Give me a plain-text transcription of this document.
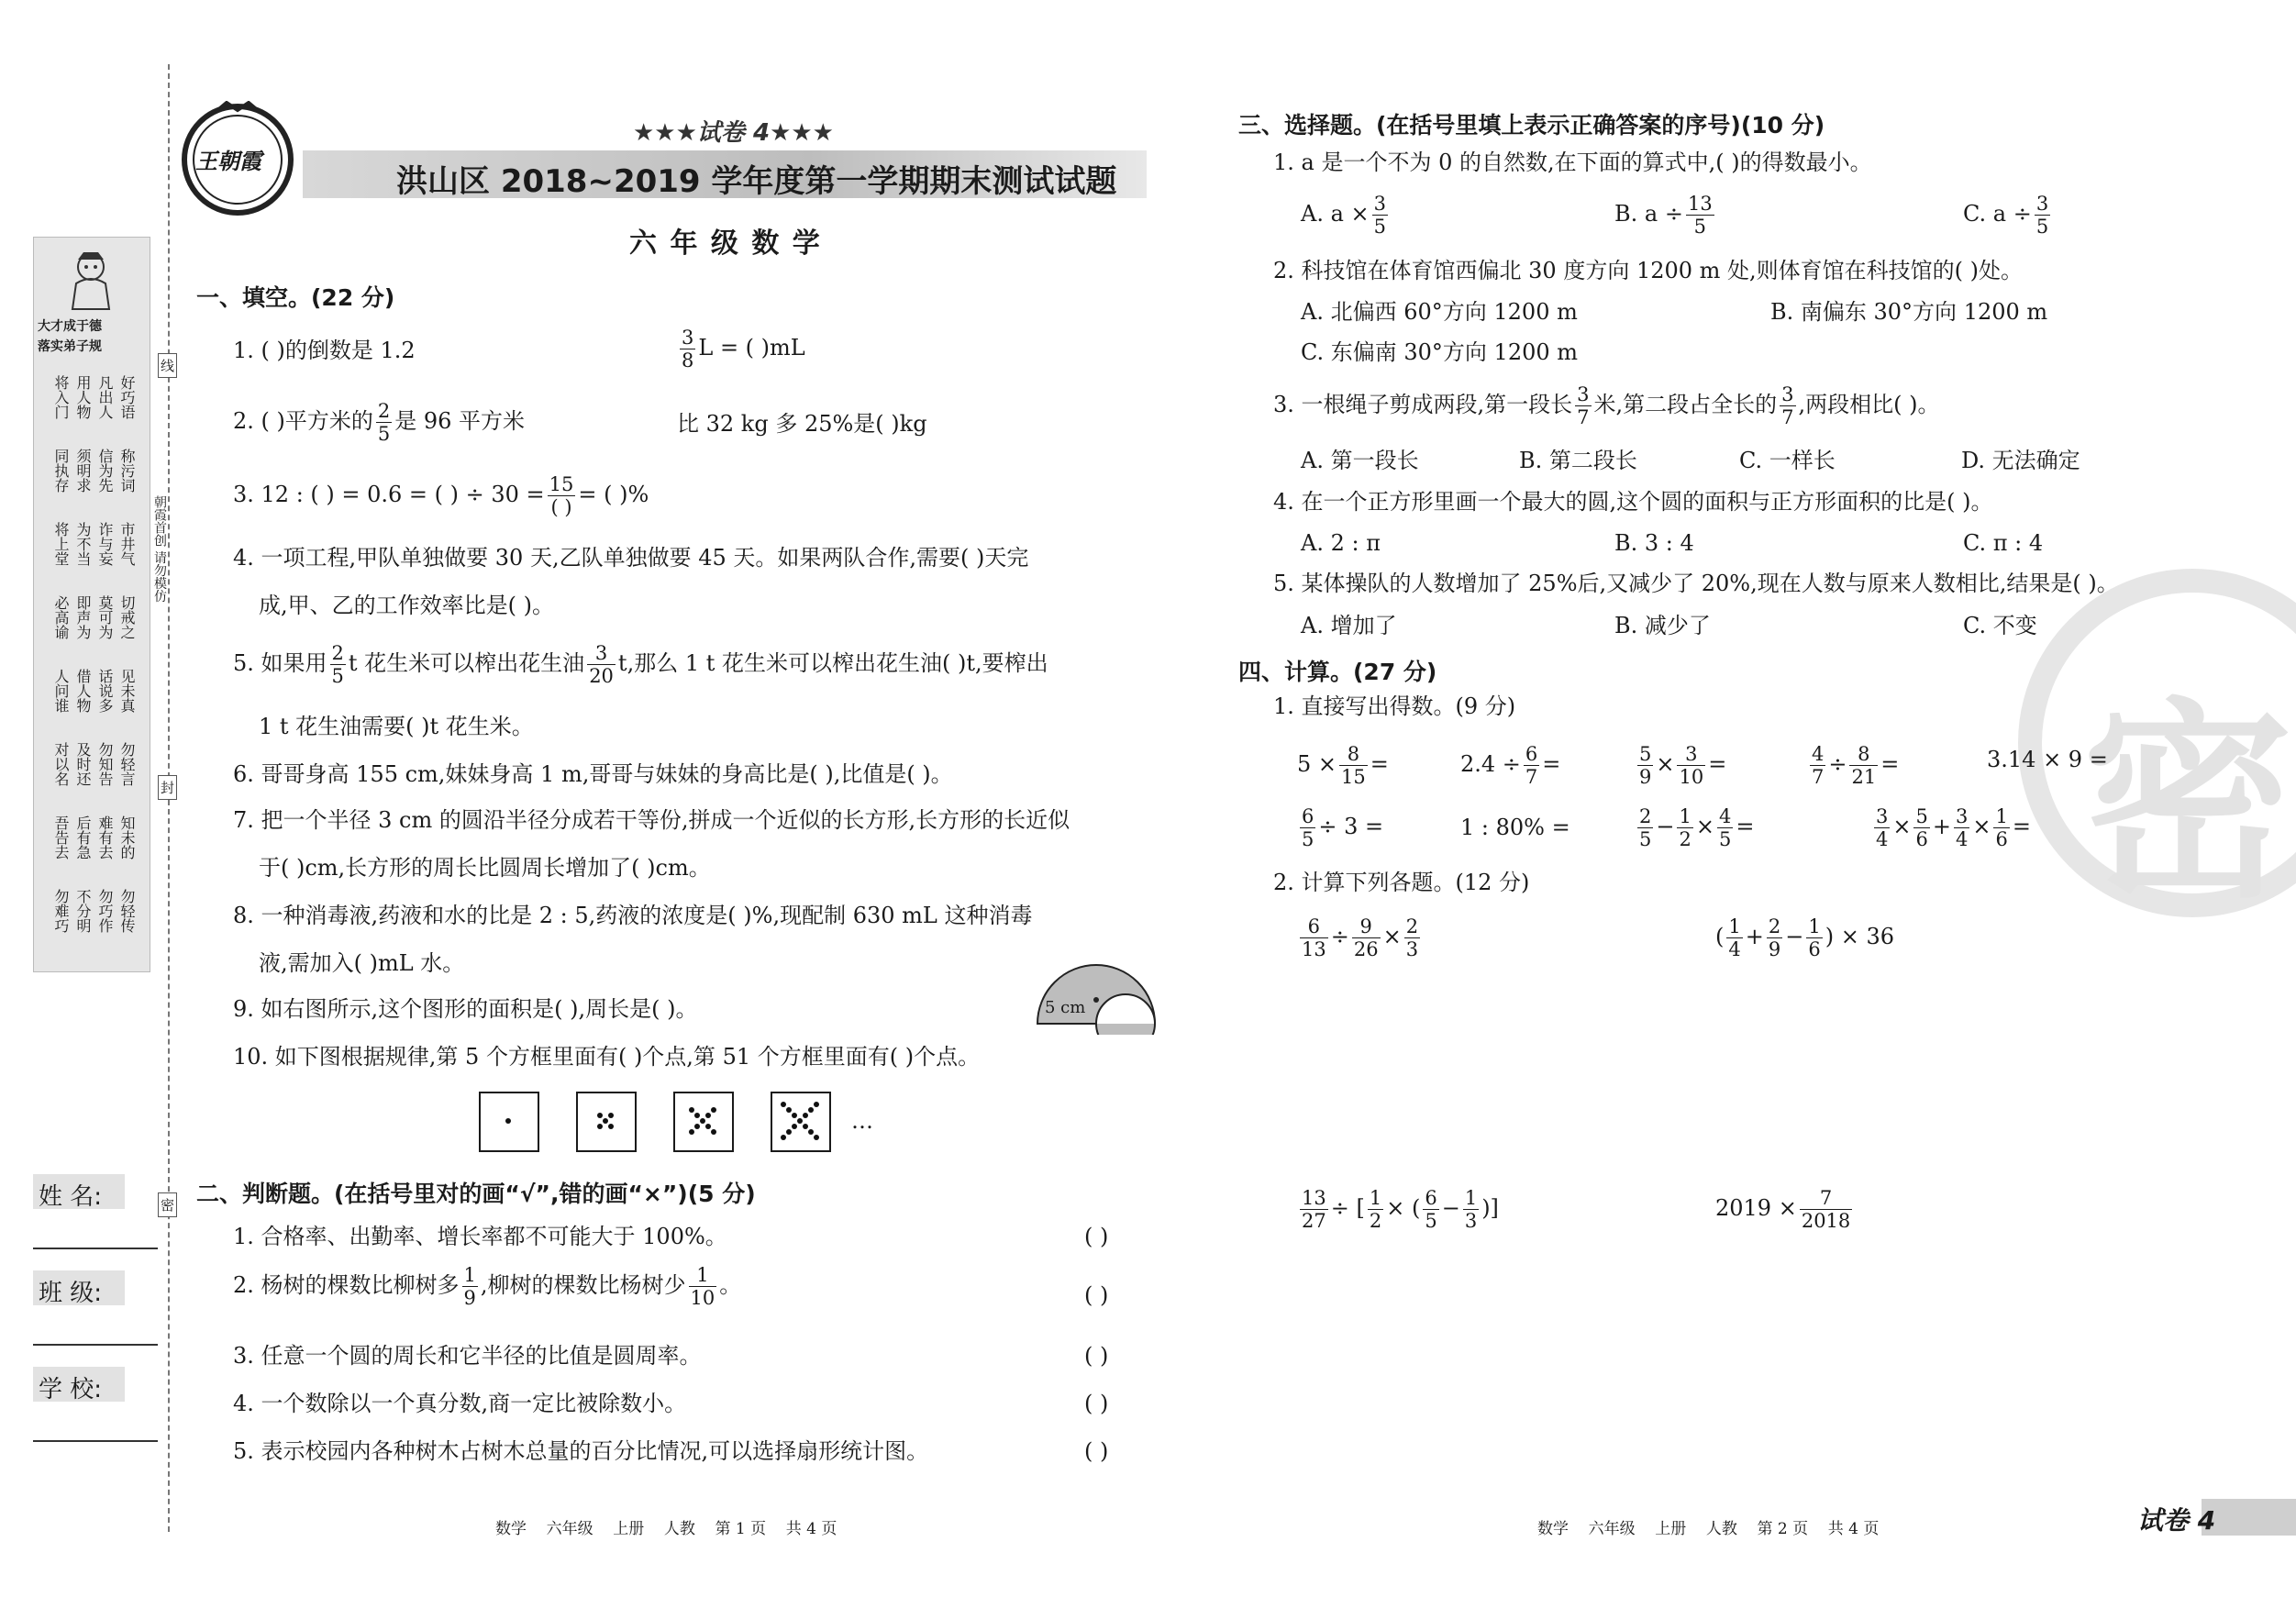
大才成于德
落实弟子规
好巧语
凡出人
用人物
将入门
称污词
信为先
须明求
同执存
市井气
诈与妄
为不当
将上堂
切戒之
莫可为
即声为
必高谕
见未真
话说多
借人物
人问谁
勿轻言
勿知告
及时还
对以名
知未的
难有去
后有急
吾告去
勿轻传
勿巧作
不分明
勿难巧
线
朝霞首创 请勿模仿
封
密
姓 名:
班 级:
学 校:
王朝霞
★★★试卷 4★★★
洪山区 2018~2019 学年度第一学期期末测试试题
六 年 级 数 学
一、填空。(22 分)
1. ( )的倒数是 1.2	$\frac{3}{8}$ L = ( )mL
2. ( )平方米的 $\frac{2}{5}$ 是 96 平方米	比 32 kg 多 25%是( )kg
3. 12 : ( ) = 0.6 = ( ) ÷ 30 = 15
( ) = ( )%
4. 一项工程,甲队单独做要 30 天,乙队单独做要 45 天。如果两队合作,需要( )天完
成,甲、乙的工作效率比是( )。
5. 如果用 $\frac{2}{5}$ t 花生米可以榨出花生油 $\frac{3}{20} t$,那么 1 t 花生米可以榨出花生油( )t,要榨出
1 t 花生油需要( )t 花生米。
6. 哥哥身高 155 cm,妹妹身高 1 m,哥哥与妹妹的身高比是( ),比值是( )。
7. 把一个半径 3 cm 的圆沿半径分成若干等份,拼成一个近似的长方形,长方形的长近似
于( )cm,长方形的周长比圆周长增加了( )cm。
8. 一种消毒液,药液和水的比是 2 : 5,药液的浓度是( )%,现配制 630 mL 这种消毒
液,需加入( )mL 水。
9. 如右图所示,这个图形的面积是( ),周长是( )。	5 cm
10. 如下图根据规律,第 5 个方框里面有( )个点,第 51 个方框里面有( )个点。
…
二、判断题。(在括号里对的画“√”,错的画“×”)(5 分)
1. 合格率、出勤率、增长率都不可能大于 100%。	( )
2. 杨树的棵数比柳树多 $\frac{1}{9}$ ,柳树的棵数比杨树少 $\frac{1}{10}$ 。	( )
3. 任意一个圆的周长和它半径的比值是圆周率。	( )
4. 一个数除以一个真分数,商一定比被除数小。	( )
5. 表示校园内各种树木占树木总量的百分比情况,可以选择扇形统计图。	( )
数学    六年级    上册    人教    第 1 页    共 4 页
密
三、选择题。(在括号里填上表示正确答案的序号)(10 分)
1. a 是一个不为 0 的自然数,在下面的算式中,( )的得数最小。
A. $a \times \frac{3}{5}$	B. $a \div \frac{13}{5}$	C. $a \div \frac{3}{5}$
2. 科技馆在体育馆西偏北 30 度方向 1200 m 处,则体育馆在科技馆的( )处。
A. 北偏西 60°方向 1200 m	B. 南偏东 30°方向 1200 m
C. 东偏南 30°方向 1200 m
3. 一根绳子剪成两段,第一段长 $\frac{3}{7}$ 米,第二段占全长的 $\frac{3}{7}$ ,两段相比( )。
A. 第一段长	B. 第二段长	C. 一样长	D. 无法确定
4. 在一个正方形里画一个最大的圆,这个圆的面积与正方形面积的比是( )。
A. 2 : π	B. 3 : 4	C. π : 4
5. 某体操队的人数增加了 25%后,又减少了 20%,现在人数与原来人数相比,结果是( )。
A. 增加了	B. 减少了	C. 不变
四、计算。(27 分)
1. 直接写出得数。(9 分)
$5 \times \frac{8}{15}$ =	$2.4 \div \frac{6}{7}$ =	$\frac{5}{9} \times \frac{3}{10}$ =	$\frac{4}{7} \div \frac{8}{21}$ =	3.14 × 9 =
$\frac{6}{5} \div 3$ =	1 : 80% =	$\frac{2}{5} - \frac{1}{2} \times \frac{4}{5}$ =	$\frac{3}{4} \times \frac{5}{6} + \frac{3}{4} \times \frac{1}{6}$ =
2. 计算下列各题。(12 分)
$\frac{6}{13} \div \frac{9}{26} \times \frac{2}{3}$	( $\frac{1}{4} + \frac{2}{9} - \frac{1}{6}$ ) × 36
$\frac{13}{27}$ ÷ [ $\frac{1}{2}$ × ( $\frac{6}{5} - \frac{1}{3}$ )]	$2019 \times \frac{7}{2018}$
数学    六年级    上册    人教    第 2 页    共 4 页	试卷 4
